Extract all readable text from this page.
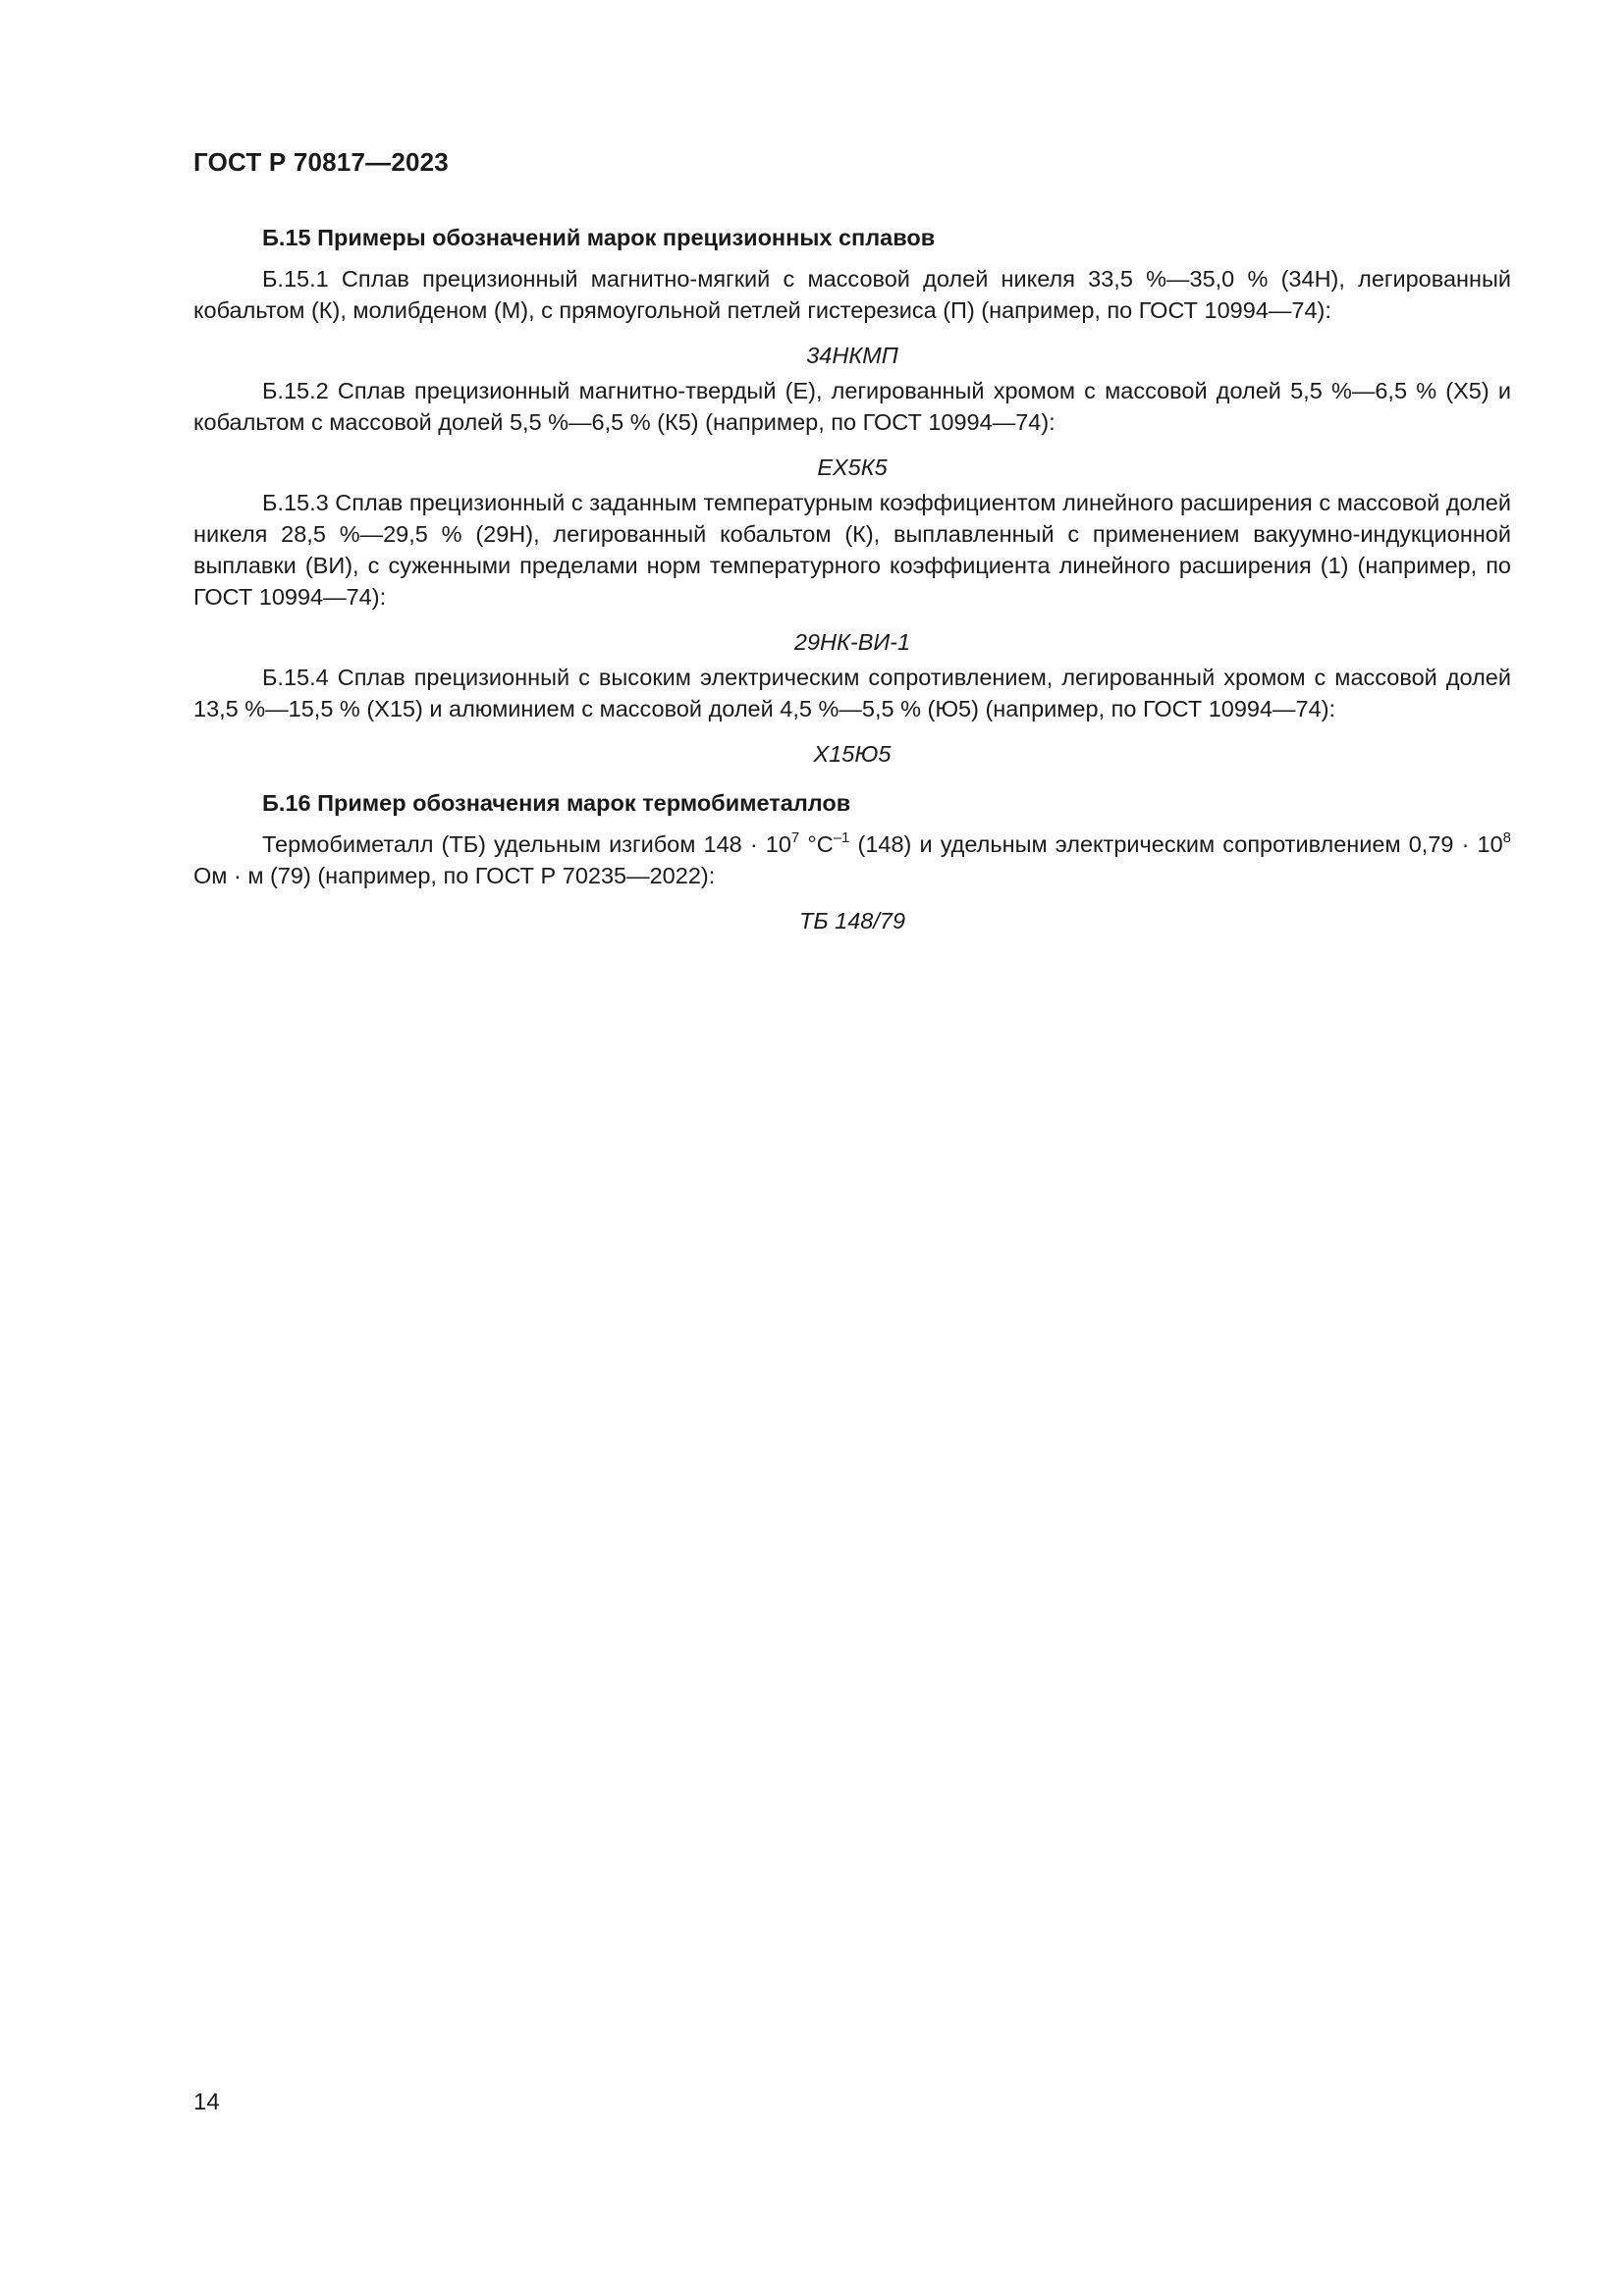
ГОСТ Р 70817—2023
Б.15 Примеры обозначений марок прецизионных сплавов

Б.15.1 Сплав прецизионный магнитно-мягкий с массовой долей никеля 33,5 %—35,0 % (34Н), легированный кобальтом (К), молибденом (М), с прямоугольной петлей гистерезиса (П) (например, по ГОСТ 10994—74):

34НКМП

Б.15.2 Сплав прецизионный магнитно-твердый (Е), легированный хромом с массовой долей 5,5 %—6,5 % (Х5) и кобальтом с массовой долей 5,5 %—6,5 % (К5) (например, по ГОСТ 10994—74):

ЕХ5К5

Б.15.3 Сплав прецизионный с заданным температурным коэффициентом линейного расширения с массовой долей никеля 28,5 %—29,5 % (29Н), легированный кобальтом (К), выплавленный с применением вакуумно-индукционной выплавки (ВИ), с суженными пределами норм температурного коэффициента линейного расширения (1) (например, по ГОСТ 10994—74):

29НК-ВИ-1

Б.15.4 Сплав прецизионный с высоким электрическим сопротивлением, легированный хромом с массовой долей 13,5 %—15,5 % (Х15) и алюминием с массовой долей 4,5 %—5,5 % (Ю5) (например, по ГОСТ 10994—74):

Х15Ю5
Б.16 Пример обозначения марок термобиметаллов

Термобиметалл (ТБ) удельным изгибом $148 \cdot 10^7$ $^\circ С^{-1}$ (148) и удельным электрическим сопротивлением $0,79 \cdot 10^8$ Ом · м (79) (например, по ГОСТ Р 70235—2022):

ТБ 148/79
14
